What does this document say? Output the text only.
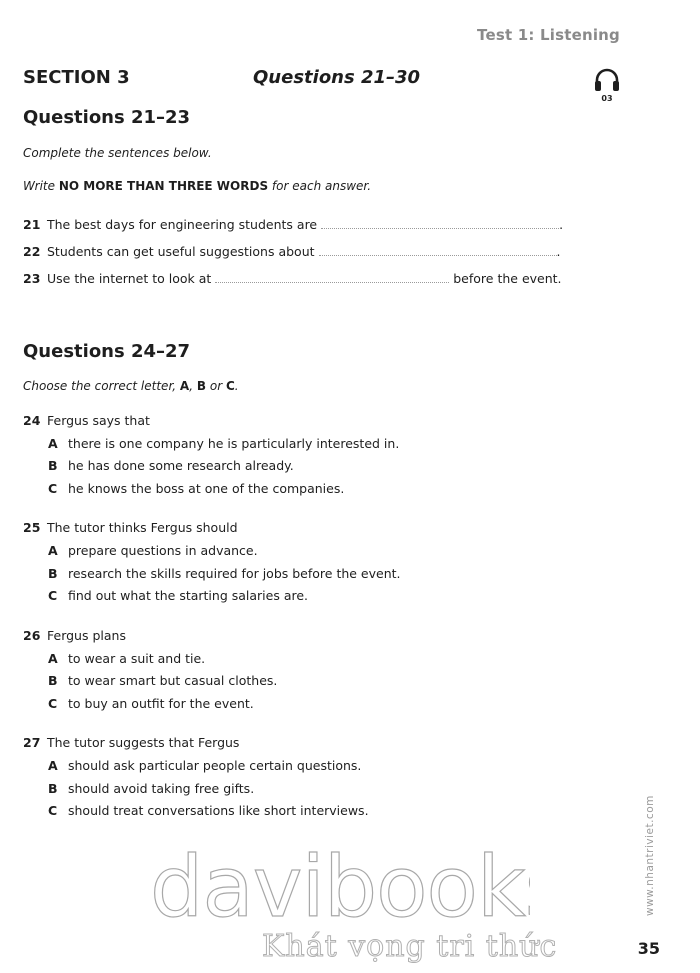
Test 1: Listening
SECTION 3	Questions 21–30
03
Questions 21–23
Complete the sentences below.
Write NO MORE THAN THREE WORDS for each answer.
21 The best days for engineering students are	.
22 Students can get useful suggestions about	.
23 Use the internet to look at	before the event.
Questions 24–27
Choose the correct letter, A, B or C.
24 Fergus says that
A there is one company he is particularly interested in.
B he has done some research already.
C he knows the boss at one of the companies.
25 The tutor thinks Fergus should
A prepare questions in advance.
B research the skills required for jobs before the event.
C find out what the starting salaries are.
26 Fergus plans
A to wear a suit and tie.
B to wear smart but casual clothes.
C to buy an outfit for the event.
27 The tutor suggests that Fergus
A should ask particular people certain questions.
B should avoid taking free gifts.
C should treat conversations like short interviews.	www.nhantriviet.com
davibooks
Khát vọng tri thức	35
